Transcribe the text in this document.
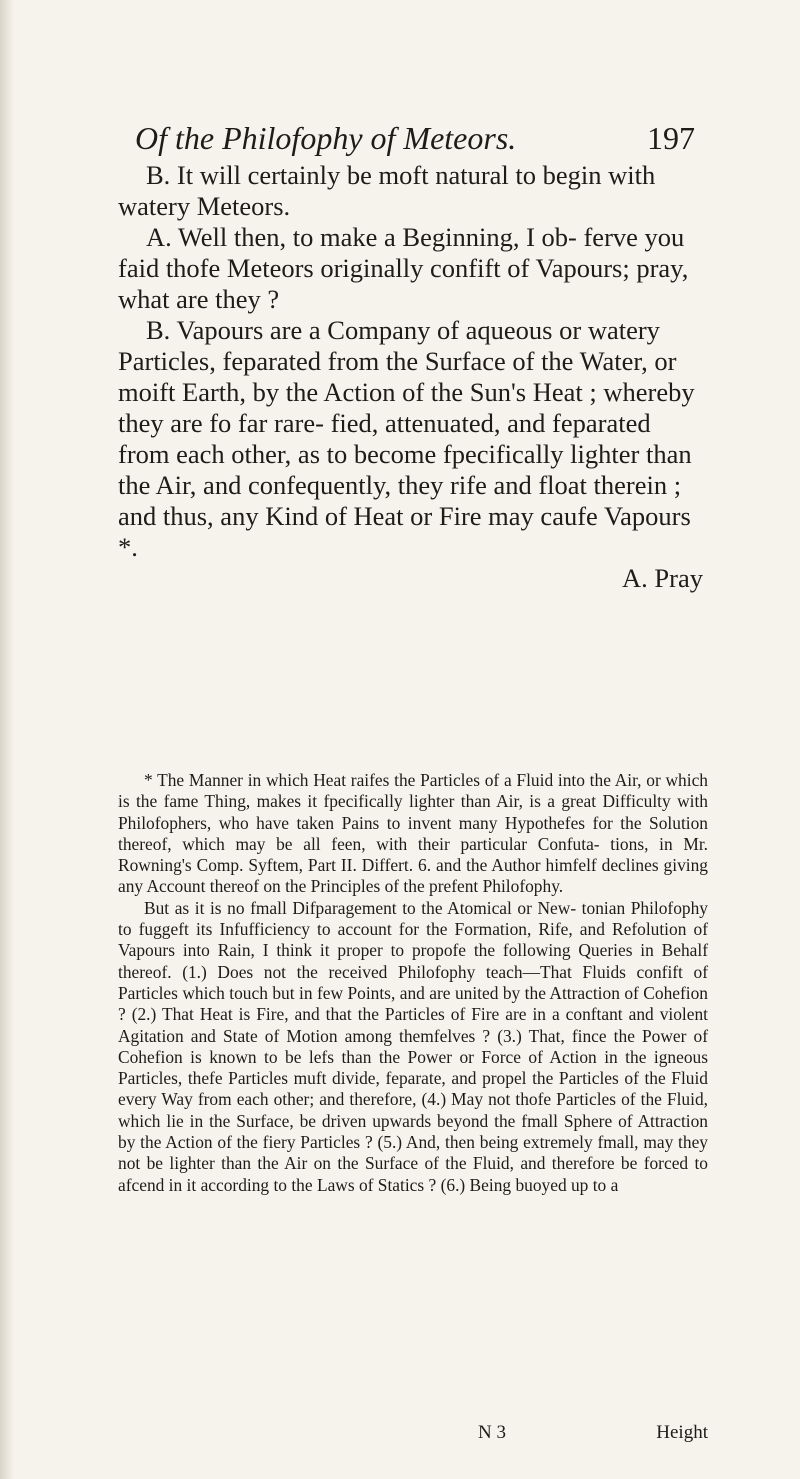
Of the Philofophy of Meteors.	197

B. It will certainly be moft natural to begin with watery Meteors.

A. Well then, to make a Beginning, I ob- ferve you faid thofe Meteors originally confift of Vapours; pray, what are they ?

B. Vapours are a Company of aqueous or watery Particles, feparated from the Surface of the Water, or moift Earth, by the Action of the Sun's Heat ; whereby they are fo far rare- fied, attenuated, and feparated from each other, as to become fpecifically lighter than the Air, and confequently, they rife and float therein ; and thus, any Kind of Heat or Fire may caufe Vapours *.

A. Pray

* The Manner in which Heat raifes the Particles of a Fluid into the Air, or which is the fame Thing, makes it fpecifically lighter than Air, is a great Difficulty with Philofophers, who have taken Pains to invent many Hypothefes for the Solution thereof, which may be all feen, with their particular Confuta- tions, in Mr. Rowning's Comp. Syftem, Part II. Differt. 6. and the Author himfelf declines giving any Account thereof on the Principles of the prefent Philofophy.

But as it is no fmall Difparagement to the Atomical or New- tonian Philofophy to fuggeft its Infufficiency to account for the Formation, Rife, and Refolution of Vapours into Rain, I think it proper to propofe the following Queries in Behalf thereof. (1.) Does not the received Philofophy teach—That Fluids confift of Particles which touch but in few Points, and are united by the Attraction of Cohefion ? (2.) That Heat is Fire, and that the Particles of Fire are in a conftant and violent Agitation and State of Motion among themfelves ? (3.) That, fince the Power of Cohefion is known to be lefs than the Power or Force of Action in the igneous Particles, thefe Particles muft divide, feparate, and propel the Particles of the Fluid every Way from each other; and therefore, (4.) May not thofe Particles of the Fluid, which lie in the Surface, be driven upwards beyond the fmall Sphere of Attraction by the Action of the fiery Particles ? (5.) And, then being extremely fmall, may they not be lighter than the Air on the Surface of the Fluid, and therefore be forced to afcend in it according to the Laws of Statics ? (6.) Being buoyed up to a

N 3	Height
